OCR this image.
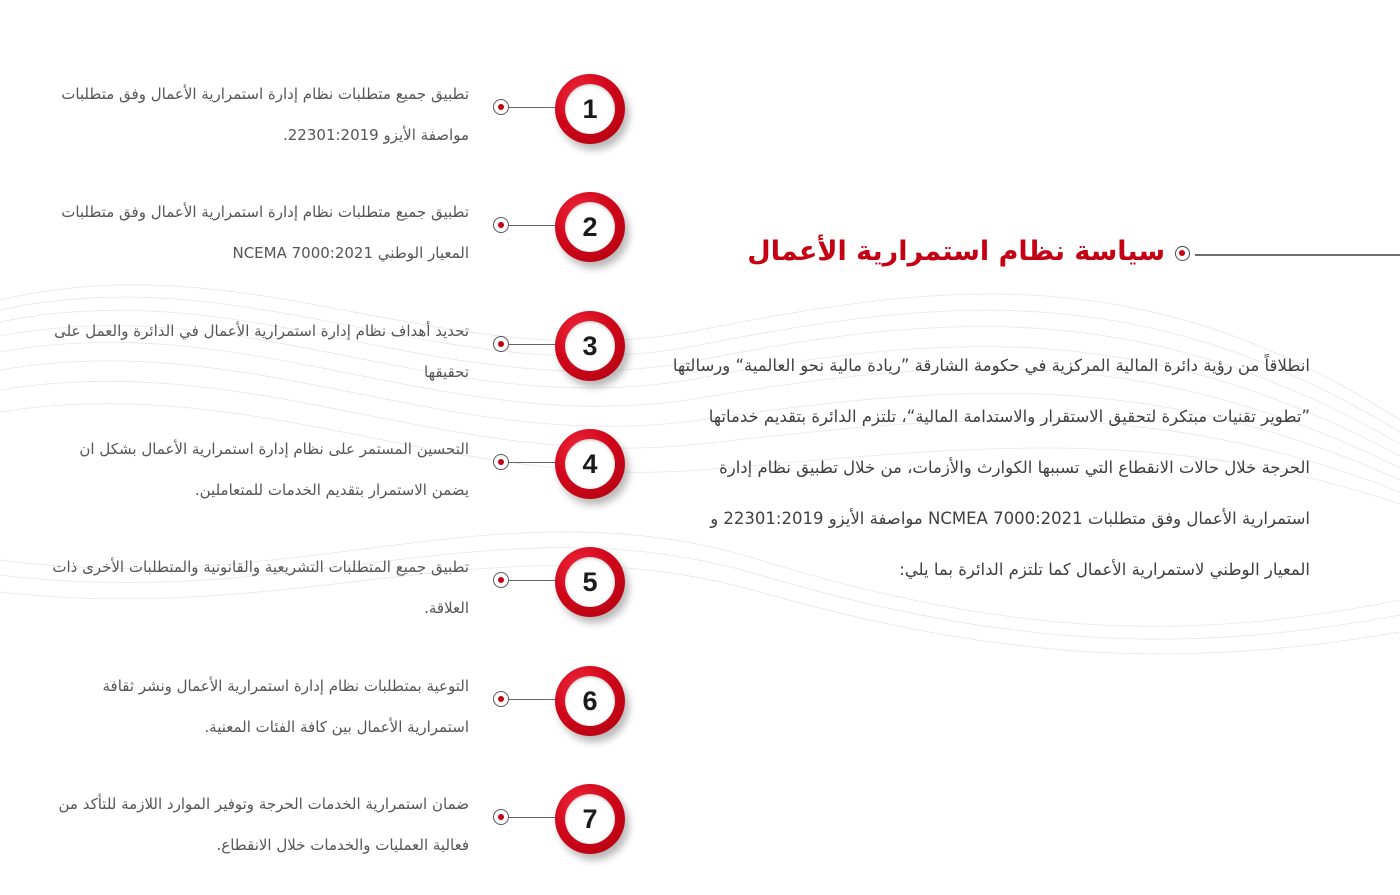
سياسة نظام استمرارية الأعمال

انطلاقاً من رؤية دائرة المالية المركزية في حكومة الشارقة ”ريادة مالية نحو العالمية“ ورسالتها ”تطوير تقنيات مبتكرة لتحقيق الاستقرار والاستدامة المالية“، تلتزم الدائرة بتقديم خدماتها الحرجة خلال حالات الانقطاع التي تسببها الكوارث والأزمات، من خلال تطبيق نظام إدارة استمرارية الأعمال وفق متطلبات NCMEA 7000:2021 مواصفة الأيزو 22301:2019 و المعيار الوطني لاستمرارية الأعمال كما تلتزم الدائرة بما يلي:

تطبيق جميع متطلبات نظام إدارة استمرارية الأعمال وفق متطلبات مواصفة الأيزو 22301:2019.

1

تطبيق جميع متطلبات نظام إدارة استمرارية الأعمال وفق متطلبات المعيار الوطني NCEMA 7000:2021

2

تحديد أهداف نظام إدارة استمرارية الأعمال في الدائرة والعمل على تحقيقها

3

التحسين المستمر على نظام إدارة استمرارية الأعمال بشكل ان يضمن الاستمرار بتقديم الخدمات للمتعاملين.

4

تطبيق جميع المتطلبات التشريعية والقانونية والمتطلبات الأخرى ذات العلاقة.

5

التوعية بمتطلبات نظام إدارة استمرارية الأعمال ونشر ثقافة استمرارية الأعمال بين كافة الفئات المعنية.

6

ضمان استمرارية الخدمات الحرجة وتوفير الموارد اللازمة للتأكد من فعالية العمليات والخدمات خلال الانقطاع.

7
